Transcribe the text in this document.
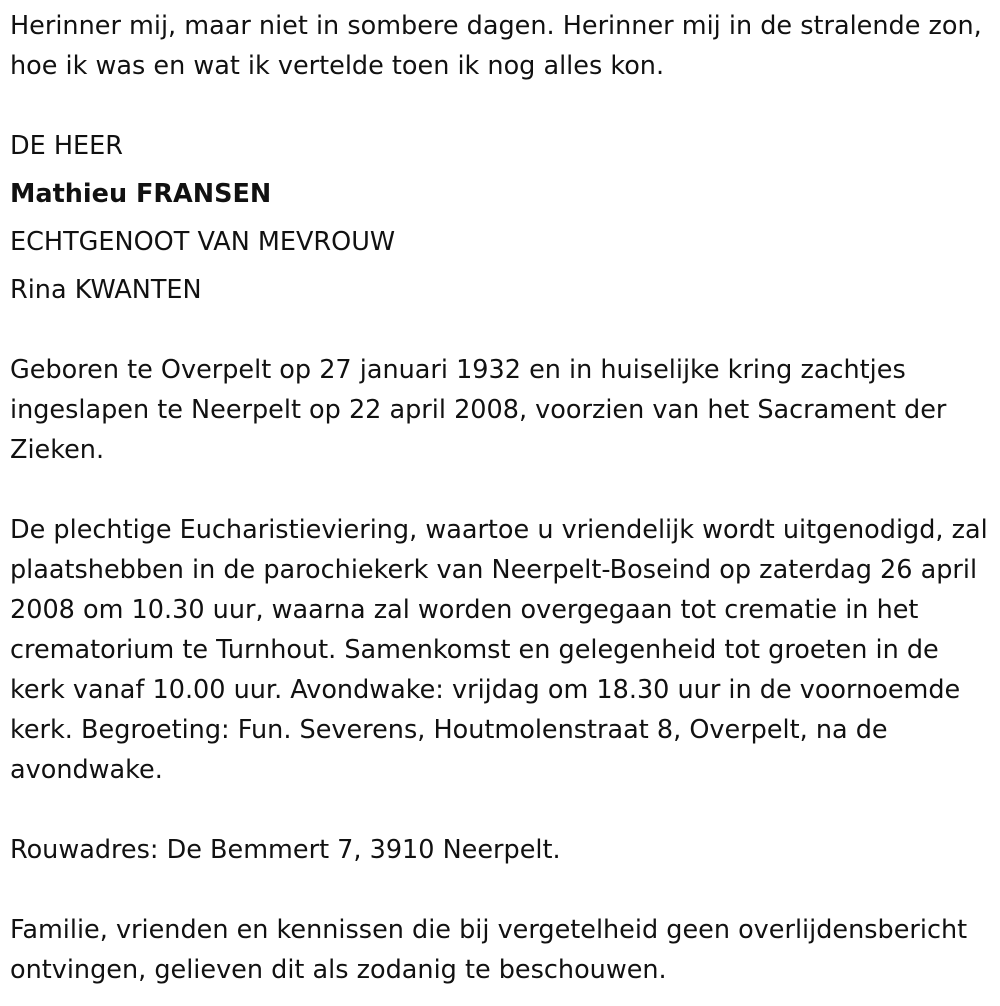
Herinner mij, maar niet in sombere dagen. Herinner mij in de stralende zon, hoe ik was en wat ik vertelde toen ik nog alles kon.

DE HEER
Mathieu FRANSEN
ECHTGENOOT VAN MEVROUW
Rina KWANTEN

Geboren te Overpelt op 27 januari 1932 en in huiselijke kring zachtjes ingeslapen te Neerpelt op 22 april 2008, voorzien van het Sacrament der Zieken.

De plechtige Eucharistieviering, waartoe u vriendelijk wordt uitgenodigd, zal plaatshebben in de parochiekerk van Neerpelt-Boseind op zaterdag 26 april 2008 om 10.30 uur, waarna zal worden overgegaan tot crematie in het crematorium te Turnhout. Samenkomst en gelegenheid tot groeten in de kerk vanaf 10.00 uur. Avondwake: vrijdag om 18.30 uur in de voornoemde kerk. Begroeting: Fun. Severens, Houtmolenstraat 8, Overpelt, na de avondwake.

Rouwadres: De Bemmert 7, 3910 Neerpelt.

Familie, vrienden en kennissen die bij vergetelheid geen overlijdensbericht ontvingen, gelieven dit als zodanig te beschouwen.
